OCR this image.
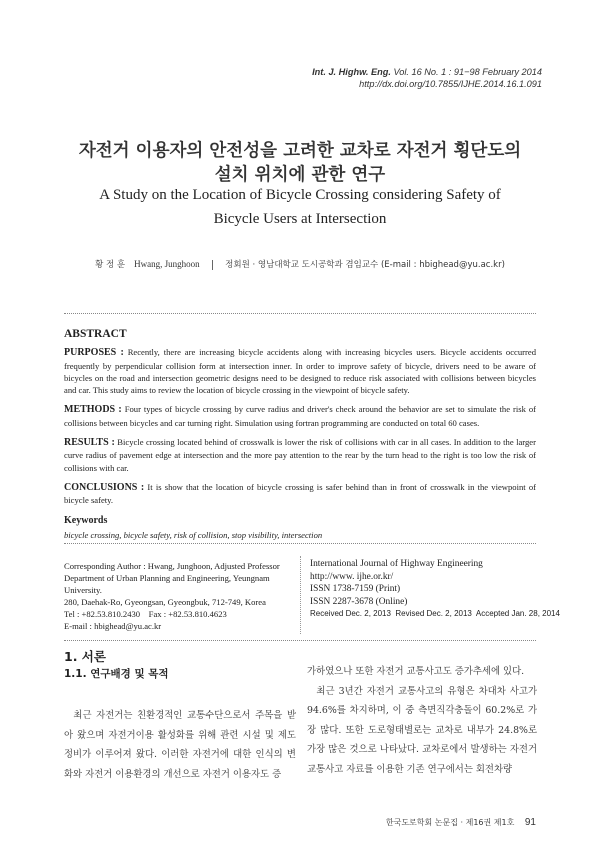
Int. J. Highw. Eng. Vol. 16 No. 1 : 91−98 February 2014
http://dx.doi.org/10.7855/IJHE.2014.16.1.091
자전거 이용자의 안전성을 고려한 교차로 자전거 횡단도의
설치 위치에 관한 연구
A Study on the Location of Bicycle Crossing considering Safety of
Bicycle Users at Intersection
황 정 훈 Hwang, Junghoon	정회원 · 영남대학교 도시공학과 겸임교수 (E-mail : hbighead@yu.ac.kr)
ABSTRACT

PURPOSES : Recently, there are increasing bicycle accidents along with increasing bicycles users. Bicycle accidents occurred frequently by perpendicular collision form at intersection inner. In order to improve safety of bicycle, drivers need to be aware of bicycles on the road and intersection geometric designs need to be designed to reduce risk associated with collisions between bicycles and car. This study aims to review the location of bicycle crossing in the viewpoint of bicycle safety.

METHODS : Four types of bicycle crossing by curve radius and driver's check around the behavior are set to simulate the risk of collisions between bicycles and car turning right. Simulation using fortran programming are conducted on total 60 cases.

RESULTS : Bicycle crossing located behind of crosswalk is lower the risk of collisions with car in all cases. In addition to the larger curve radius of pavement edge at intersection and the more pay attention to the rear by the turn head to the right is too low the risk of collisions with car.

CONCLUSIONS : It is show that the location of bicycle crossing is safer behind than in front of crosswalk in the viewpoint of bicycle safety.

Keywords

bicycle crossing, bicycle safety, risk of collision, stop visibility, intersection

Corresponding Author : Hwang, Junghoon, Adjusted Professor
Department of Urban Planning and Engineering, Yeungnam University.
280, Daehak-Ro, Gyeongsan, Gyeongbuk, 712-749, Korea
Tel : +82.53.810.2430    Fax : +82.53.810.4623
E-mail : hbighead@yu.ac.kr
International Journal of Highway Engineering
http://www. ijhe.or.kr/
ISSN 1738-7159 (Print)
ISSN 2287-3678 (Online)
Received Dec. 2, 2013  Revised Dec. 2, 2013  Accepted Jan. 28, 2014
1. 서론
1.1. 연구배경 및 목적
최근 자전거는 친환경적인 교통수단으로서 주목을 받아 왔으며 자전거이용 활성화를 위해 관련 시설 및 제도 정비가 이루어져 왔다. 이러한 자전거에 대한 인식의 변화와 자전거 이용환경의 개선으로 자전거 이용자도 증
가하였으나 또한 자전거 교통사고도 증가추세에 있다.
최근 3년간 자전거 교통사고의 유형은 차대차 사고가 94.6%를 차지하며, 이 중 측면직각충돌이 60.2%로 가장 많다. 또한 도로형태별로는 교차로 내부가 24.8%로 가장 많은 것으로 나타났다. 교차로에서 발생하는 자전거 교통사고 자료를 이용한 기존 연구에서는 회전차량
한국도로학회 논문집 · 제16권 제1호 91
